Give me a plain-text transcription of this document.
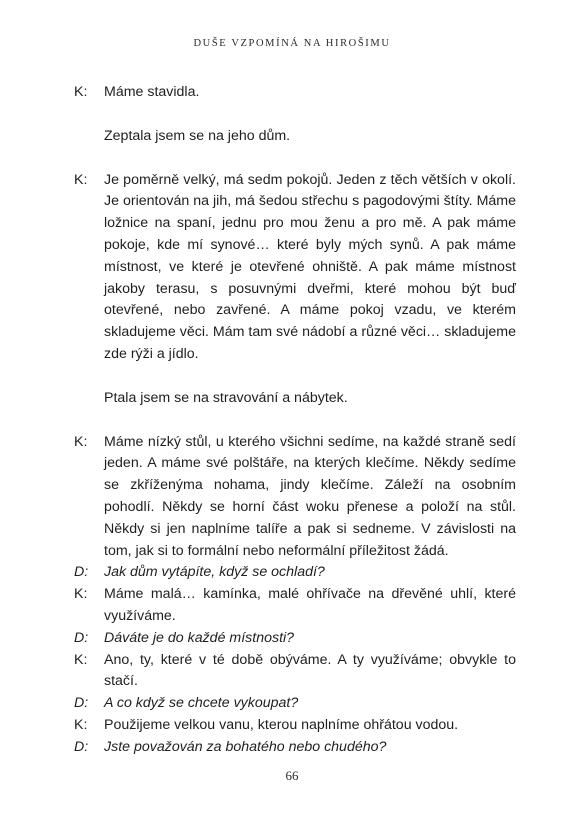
DUŠE VZPOMÍNÁ NA HIROŠIMU
K:	Máme stavidla.

Zeptala jsem se na jeho dům.

K:	Je poměrně velký, má sedm pokojů. Jeden z těch větších v okolí. Je orientován na jih, má šedou střechu s pagodovými štíty. Máme ložnice na spaní, jednu pro mou ženu a pro mě. A pak máme pokoje, kde mí synové… které byly mých synů. A pak máme místnost, ve které je otevřené ohniště. A pak máme místnost jakoby terasu, s posuvnými dveřmi, které mohou být buď otevřené, nebo zavřené. A máme pokoj vzadu, ve kterém skladujeme věci. Mám tam své nádobí a různé věci… skladujeme zde rýži a jídlo.

Ptala jsem se na stravování a nábytek.

K:	Máme nízký stůl, u kterého všichni sedíme, na každé straně sedí jeden. A máme své polštáře, na kterých klečíme. Někdy sedíme se zkříženýma nohama, jindy klečíme. Záleží na osobním pohodlí. Někdy se horní část woku přenese a položí na stůl. Někdy si jen naplníme talíře a pak si sedneme. V závislosti na tom, jak si to formální nebo neformální příležitost žádá.

D:	Jak dům vytápíte, když se ochladí?

K:	Máme malá… kamínka, malé ohřívače na dřevěné uhlí, které využíváme.

D:	Dáváte je do každé místnosti?

K:	Ano, ty, které v té době obýváme. A ty využíváme; obvykle to stačí.

D:	A co když se chcete vykoupat?

K:	Použijeme velkou vanu, kterou naplníme ohřátou vodou.

D:	Jste považován za bohatého nebo chudého?

66
